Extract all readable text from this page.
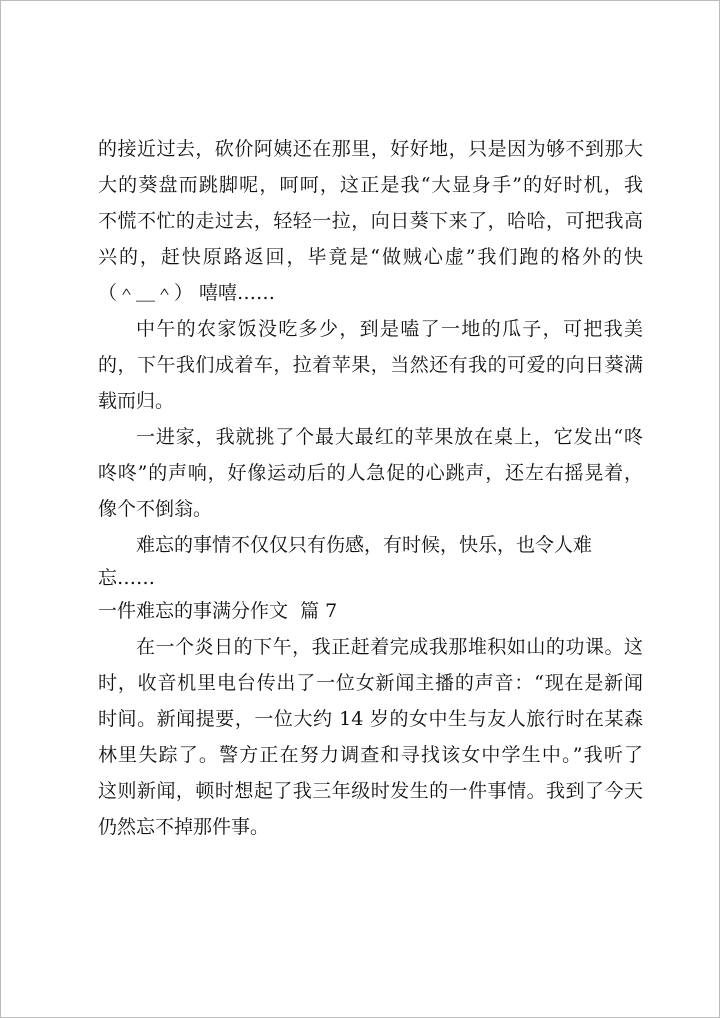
的接近过去，砍价阿姨还在那里，好好地，只是因为够不到那大
大的葵盘而跳脚呢，呵呵，这正是我“大显身手”的好时机，我
不慌不忙的走过去，轻轻一拉，向日葵下来了，哈哈，可把我高
兴的，赶快原路返回，毕竟是“做贼心虚”我们跑的格外的快
（＾＿＾） 嘻嘻……
中午的农家饭没吃多少，到是嗑了一地的瓜子，可把我美
的，下午我们成着车，拉着苹果，当然还有我的可爱的向日葵满
载而归。
一进家，我就挑了个最大最红的苹果放在桌上，它发出“咚
咚咚”的声响，好像运动后的人急促的心跳声，还左右摇晃着，
像个不倒翁。
难忘的事情不仅仅只有伤感，有时候，快乐，也令人难
忘……
一件难忘的事满分作文  篇 7
在一个炎日的下午，我正赶着完成我那堆积如山的功课。这
时，收音机里电台传出了一位女新闻主播的声音：“现在是新闻
时间。新闻提要，一位大约 14 岁的女中生与友人旅行时在某森
林里失踪了。警方正在努力调查和寻找该女中学生中。”我听了
这则新闻，顿时想起了我三年级时发生的一件事情。我到了今天
仍然忘不掉那件事。
